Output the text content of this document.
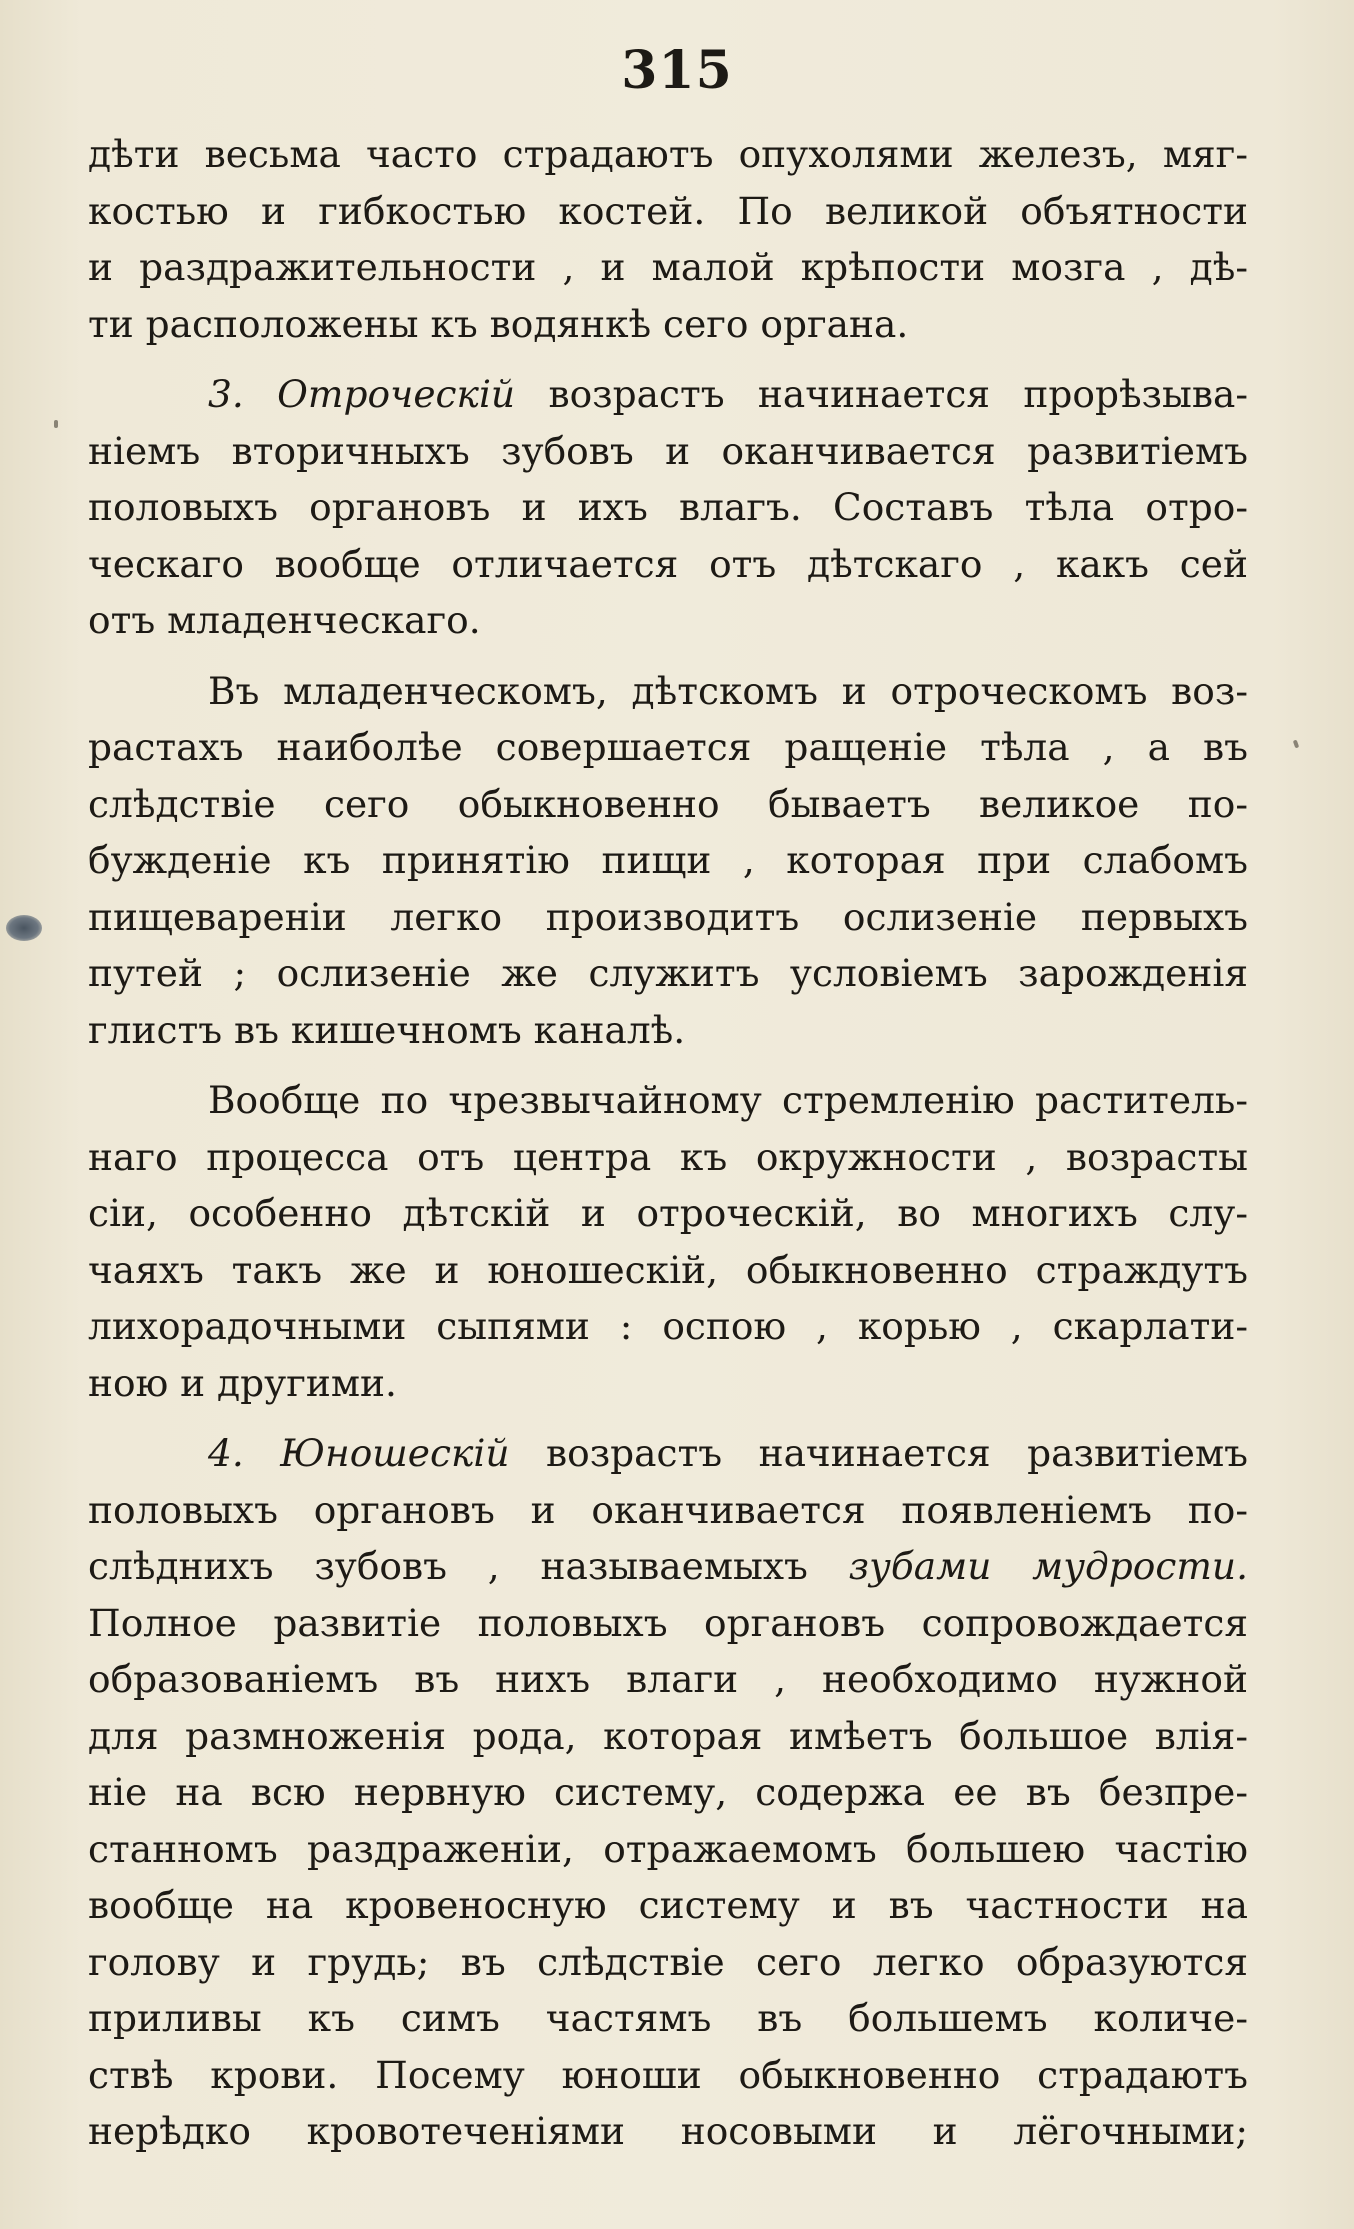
315
дѣти весьма часто страдаютъ опухолями железъ, мяг-
костью и гибкостью костей. По великой объятности
и раздражительности , и малой крѣпости мозга , дѣ-
ти расположены къ водянкѣ сего органа.
3. Отроческій возрастъ начинается прорѣзыва-
ніемъ вторичныхъ зубовъ и оканчивается развитіемъ
половыхъ органовъ и ихъ влагъ. Составъ тѣла отро-
ческаго вообще отличается отъ дѣтскаго , какъ сей
отъ младенческаго.
Въ младенческомъ, дѣтскомъ и отроческомъ воз-
растахъ наиболѣе совершается ращеніе тѣла , а въ
слѣдствіе сего обыкновенно бываетъ великое по-
бужденіе къ принятію пищи , которая при слабомъ
пищевареніи легко производитъ ослизеніе первыхъ
путей ; ослизеніе же служитъ условіемъ зарожденія
глистъ въ кишечномъ каналѣ.
Вообще по чрезвычайному стремленію раститель-
наго процесса отъ центра къ окружности , возрасты
сіи, особенно дѣтскій и отроческій, во многихъ слу-
чаяхъ такъ же и юношескій, обыкновенно страждутъ
лихорадочными сыпями : оспою , корью , скарлати-
ною и другими.
4. Юношескій возрастъ начинается развитіемъ
половыхъ органовъ и оканчивается появленіемъ по-
слѣднихъ зубовъ , называемыхъ зубами мудрости.
Полное развитіе половыхъ органовъ сопровождается
образованіемъ въ нихъ влаги , необходимо нужной
для размноженія рода, которая имѣетъ большое влія-
ніе на всю нервную систему, содержа ее въ безпре-
станномъ раздраженіи, отражаемомъ большею частію
вообще на кровеносную систему и въ частности на
голову и грудь; въ слѣдствіе сего легко образуются
приливы къ симъ частямъ въ большемъ количе-
ствѣ крови. Посему юноши обыкновенно страдаютъ
нерѣдко кровотеченіями носовыми и лёгочными;
